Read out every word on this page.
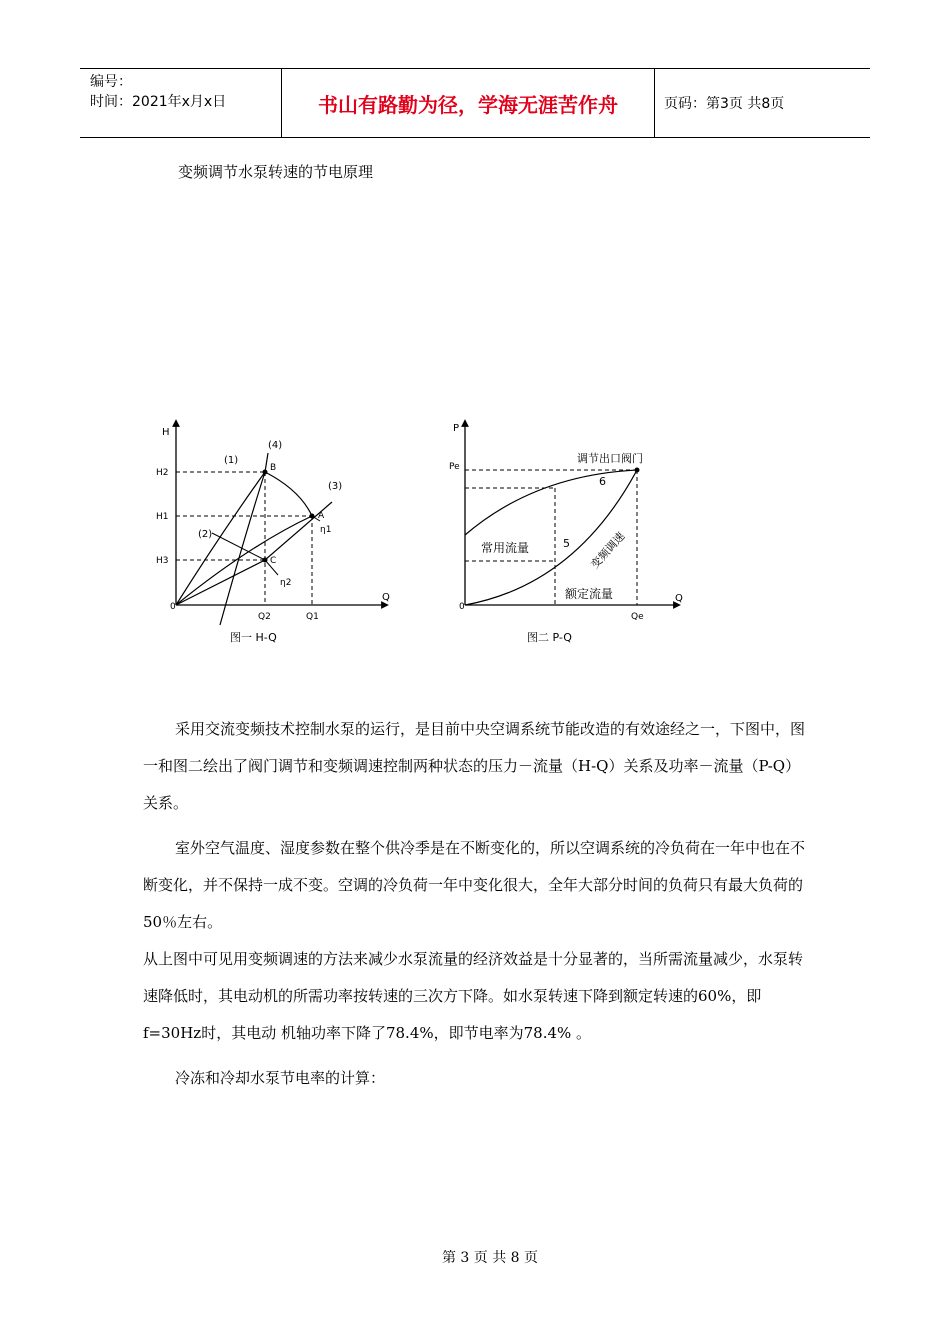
编号：
时间：2021年x月x日	书山有路勤为径，学海无涯苦作舟	页码：第3页 共8页
变频调节水泵转速的节电原理
H
Q
0
H2
H1
H3
Q2	Q1
(1)
(2)
(3)
(4)
B
A
C
η1
η2
图一 H-Q
P
Q
0
Pe
Qe
调节出口阀门
常用流量
额定流量
变频调速
5
6
图二 P-Q

采用交流变频技术控制水泵的运行，是目前中央空调系统节能改造的有效途经之一，下图中，图一和图二绘出了阀门调节和变频调速控制两种状态的压力－流量（H-Q）关系及功率－流量（P-Q）关系。

室外空气温度、湿度参数在整个供冷季是在不断变化的，所以空调系统的冷负荷在一年中也在不断变化，并不保持一成不变。空调的冷负荷一年中变化很大，全年大部分时间的负荷只有最大负荷的50％左右。

从上图中可见用变频调速的方法来减少水泵流量的经济效益是十分显著的，当所需流量减少，水泵转速降低时，其电动机的所需功率按转速的三次方下降。如水泵转速下降到额定转速的60%，即f=30Hz时，其电动 机轴功率下降了78.4%，即节电率为78.4% 。

冷冻和冷却水泵节电率的计算：

第 3 页 共 8 页
